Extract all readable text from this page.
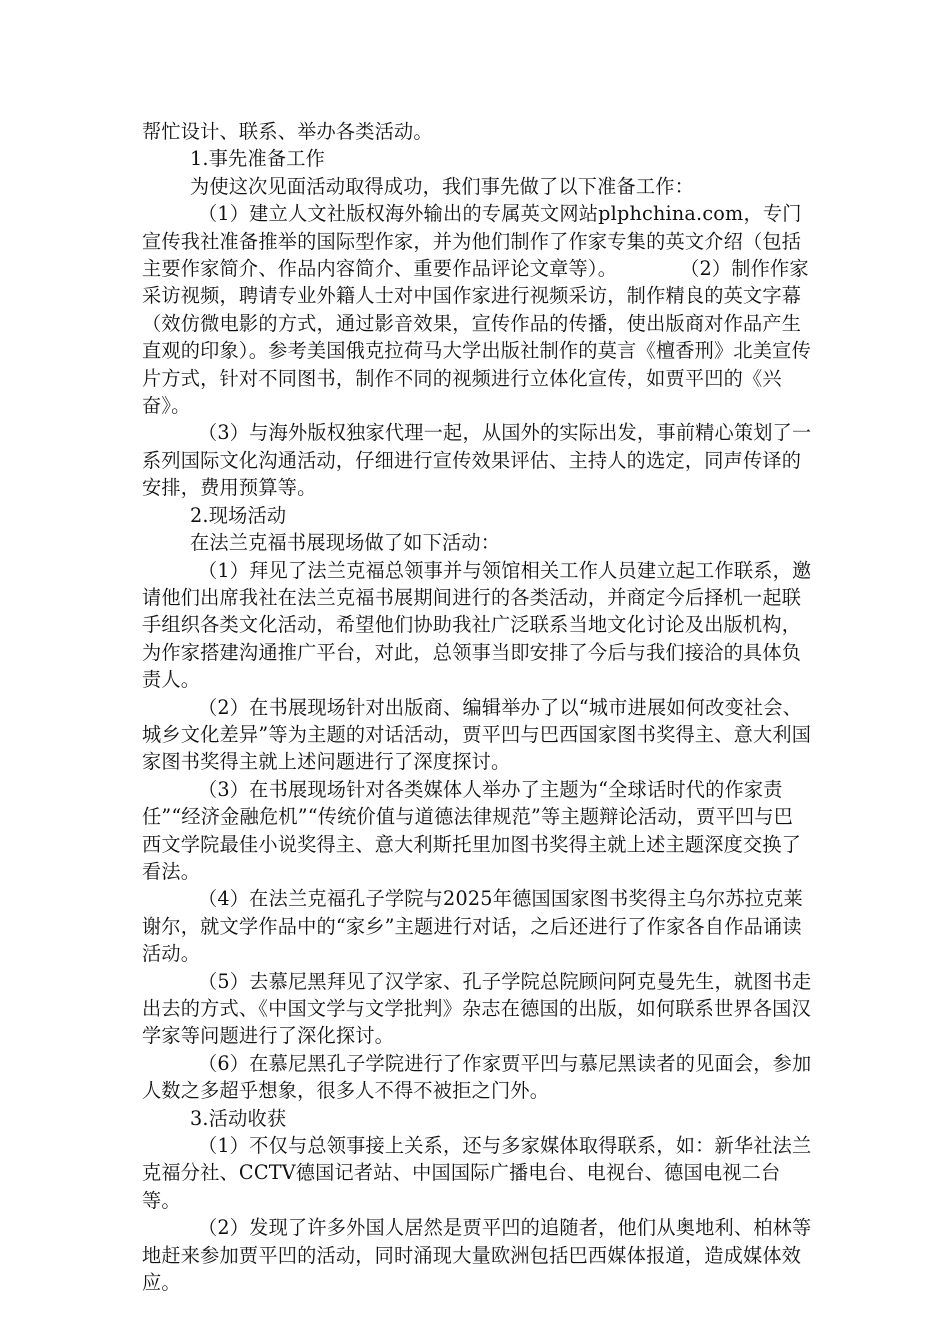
帮忙设计、联系、举办各类活动。

1.事先准备工作

为使这次见面活动取得成功，我们事先做了以下准备工作：

（1）建立人文社版权海外输出的专属英文网站plphchina.com，专门宣传我社准备推举的国际型作家，并为他们制作了作家专集的英文介绍（包括主要作家简介、作品内容简介、重要作品评论文章等）。          （2）制作作家采访视频，聘请专业外籍人士对中国作家进行视频采访，制作精良的英文字幕（效仿微电影的方式，通过影音效果，宣传作品的传播，使出版商对作品产生直观的印象）。参考美国俄克拉荷马大学出版社制作的莫言《檀香刑》北美宣传片方式，针对不同图书，制作不同的视频进行立体化宣传，如贾平凹的《兴奋》。

（3）与海外版权独家代理一起，从国外的实际出发，事前精心策划了一系列国际文化沟通活动，仔细进行宣传效果评估、主持人的选定，同声传译的安排，费用预算等。

2.现场活动

在法兰克福书展现场做了如下活动：

（1）拜见了法兰克福总领事并与领馆相关工作人员建立起工作联系，邀请他们出席我社在法兰克福书展期间进行的各类活动，并商定今后择机一起联手组织各类文化活动，希望他们协助我社广泛联系当地文化讨论及出版机构，为作家搭建沟通推广平台，对此，总领事当即安排了今后与我们接洽的具体负责人。

（2）在书展现场针对出版商、编辑举办了以“城市进展如何改变社会、城乡文化差异”等为主题的对话活动，贾平凹与巴西国家图书奖得主、意大利国家图书奖得主就上述问题进行了深度探讨。

（3）在书展现场针对各类媒体人举办了主题为“全球话时代的作家责任”“经济金融危机”“传统价值与道德法律规范”等主题辩论活动，贾平凹与巴西文学院最佳小说奖得主、意大利斯托里加图书奖得主就上述主题深度交换了看法。

（4）在法兰克福孔子学院与2025年德国国家图书奖得主乌尔苏拉克莱谢尔，就文学作品中的“家乡”主题进行对话，之后还进行了作家各自作品诵读活动。

（5）去慕尼黑拜见了汉学家、孔子学院总院顾问阿克曼先生，就图书走出去的方式、《中国文学与文学批判》杂志在德国的出版，如何联系世界各国汉学家等问题进行了深化探讨。

（6）在慕尼黑孔子学院进行了作家贾平凹与慕尼黑读者的见面会，参加人数之多超乎想象，很多人不得不被拒之门外。

3.活动收获

（1）不仅与总领事接上关系，还与多家媒体取得联系，如：新华社法兰克福分社、CCTV德国记者站、中国国际广播电台、电视台、德国电视二台等。

（2）发现了许多外国人居然是贾平凹的追随者，他们从奥地利、柏林等地赶来参加贾平凹的活动，同时涌现大量欧洲包括巴西媒体报道，造成媒体效应。
